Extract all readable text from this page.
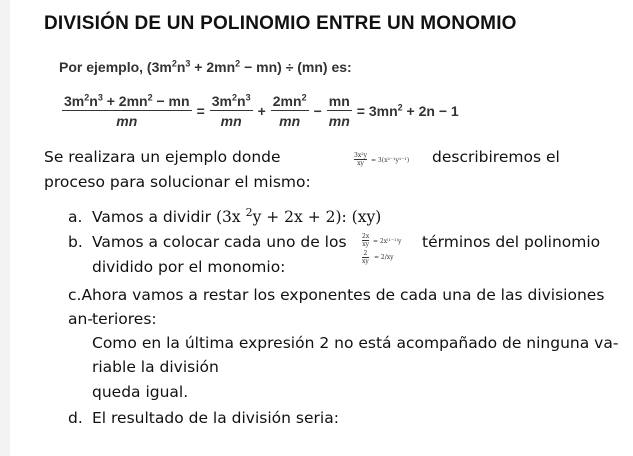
DIVISIÓN DE UN POLINOMIO ENTRE UN MONOMIO
Por ejemplo, $(3m^2n^3 + 2mn^2 - mn) \div (mn)$ es:
$\frac{3m^2n^3 + 2mn^2 - mn}{mn} = \frac{3m^2n^3}{mn} + \frac{2mn^2}{mn} - \frac{mn}{mn} = 3mn^2 + 2n - 1$
Se realizara un ejemplo donde	3x²y
xy	= 3(x²⁻¹y¹⁻¹) describiremos el
proceso para solucionar el mismo:
a. Vamos a dividir (3x $^2$y + 2x + 2): (xy)
b. Vamos a colocar cada uno de los	2x
xy = 2x⁽¹⁻¹⁾y
2
xy
= 2/xy
términos del polinomio
dividido por el monomio:
c.Ahora vamos a restar los exponentes de cada una de las divisiones an- teriores:
Como en la última expresión 2 no está acompañado de ninguna va-
riable la división
queda igual.
d. El resultado de la división seria:
